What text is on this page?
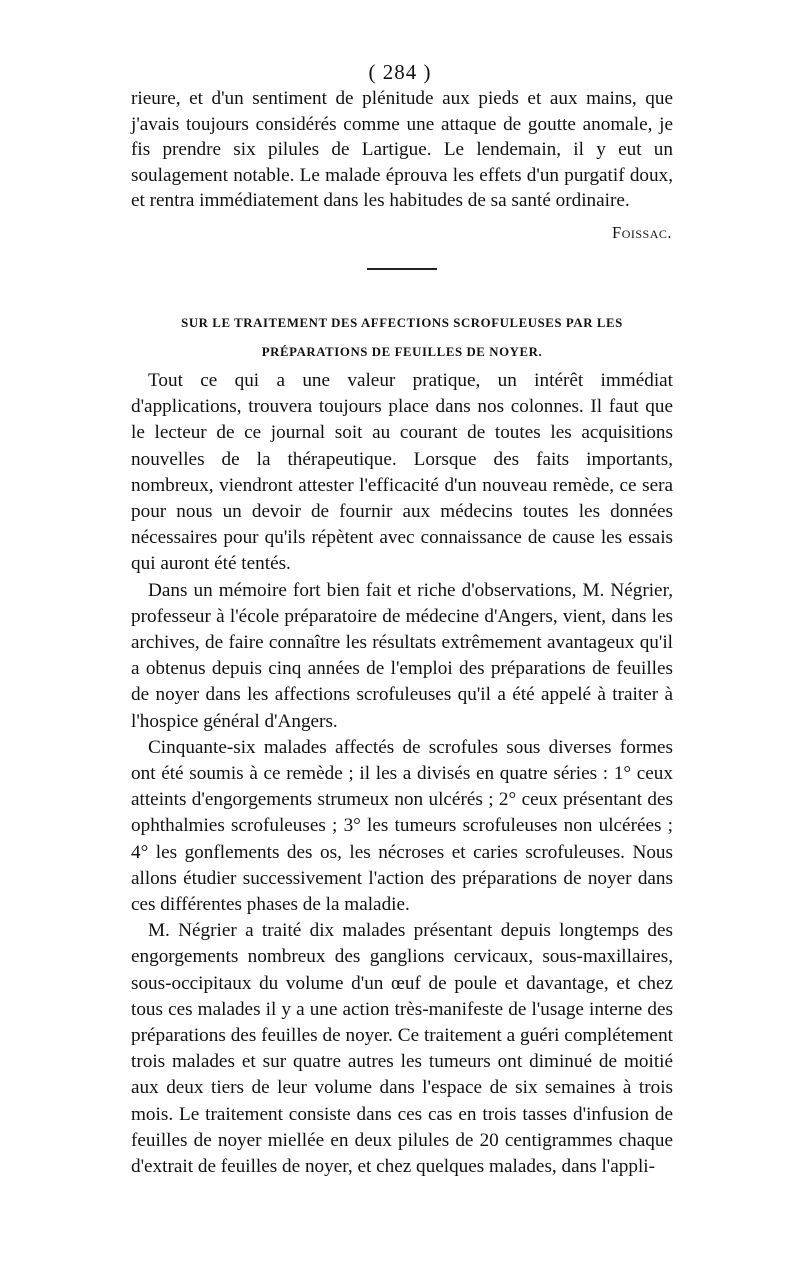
( 284 )

rieure, et d'un sentiment de plénitude aux pieds et aux mains, que j'avais toujours considérés comme une attaque de goutte anomale, je fis prendre six pilules de Lartigue. Le lendemain, il y eut un soulagement notable. Le malade éprouva les effets d'un purgatif doux, et rentra immédiatement dans les habitudes de sa santé ordinaire.

Foissac.
SUR LE TRAITEMENT DES AFFECTIONS SCROFULEUSES PAR LES
PRÉPARATIONS DE FEUILLES DE NOYER.

Tout ce qui a une valeur pratique, un intérêt immédiat d'applications, trouvera toujours place dans nos colonnes. Il faut que le lecteur de ce journal soit au courant de toutes les acquisitions nouvelles de la thérapeutique. Lorsque des faits importants, nombreux, viendront attester l'efficacité d'un nouveau remède, ce sera pour nous un devoir de fournir aux médecins toutes les données nécessaires pour qu'ils répètent avec connaissance de cause les essais qui auront été tentés.

Dans un mémoire fort bien fait et riche d'observations, M. Négrier, professeur à l'école préparatoire de médecine d'Angers, vient, dans les archives, de faire connaître les résultats extrêmement avantageux qu'il a obtenus depuis cinq années de l'emploi des préparations de feuilles de noyer dans les affections scrofuleuses qu'il a été appelé à traiter à l'hospice général d'Angers.

Cinquante-six malades affectés de scrofules sous diverses formes ont été soumis à ce remède ; il les a divisés en quatre séries : 1° ceux atteints d'engorgements strumeux non ulcérés ; 2° ceux présentant des ophthalmies scrofuleuses ; 3° les tumeurs scrofuleuses non ulcérées ; 4° les gonflements des os, les nécroses et caries scrofuleuses. Nous allons étudier successivement l'action des préparations de noyer dans ces différentes phases de la maladie.

M. Négrier a traité dix malades présentant depuis longtemps des engorgements nombreux des ganglions cervicaux, sous-maxillaires, sous-occipitaux du volume d'un œuf de poule et davantage, et chez tous ces malades il y a une action très-manifeste de l'usage interne des préparations des feuilles de noyer. Ce traitement a guéri complétement trois malades et sur quatre autres les tumeurs ont diminué de moitié aux deux tiers de leur volume dans l'espace de six semaines à trois mois. Le traitement consiste dans ces cas en trois tasses d'infusion de feuilles de noyer miellée en deux pilules de 20 centigrammes chaque d'extrait de feuilles de noyer, et chez quelques malades, dans l'appli-
